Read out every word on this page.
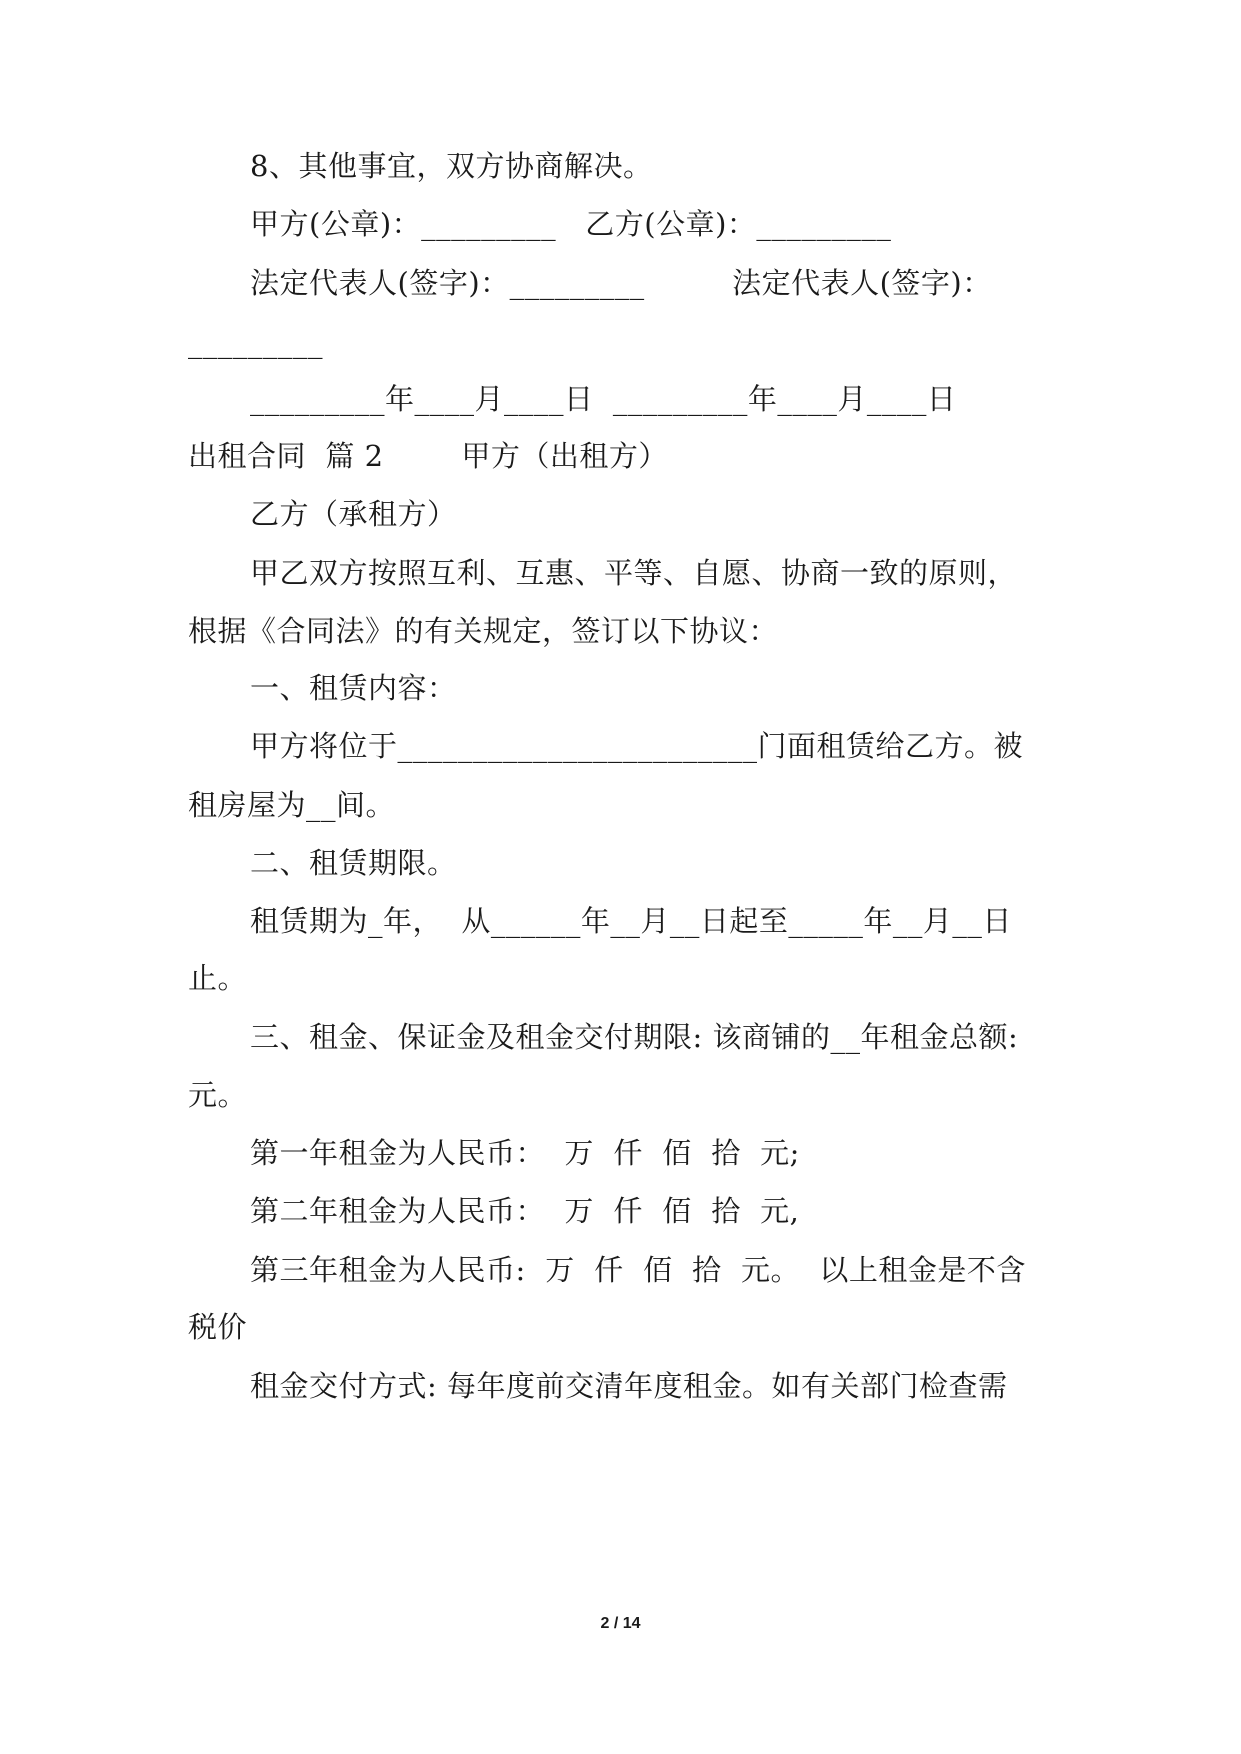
8、其他事宜，双方协商解决。
甲方(公章)：_________   乙方(公章)：_________
法定代表人(签字)：_________         法定代表人(签字)：
_________
_________年____月____日  _________年____月____日
出租合同  篇 2        甲方（出租方）
乙方（承租方）
甲乙双方按照互利、互惠、平等、自愿、协商一致的原则，
根据《合同法》的有关规定，签订以下协议：
一、租赁内容：
甲方将位于________________________门面租赁给乙方。被
租房屋为__间。
二、租赁期限。
租赁期为_年，  从______年__月__日起至_____年__月__日
止。
三、租金、保证金及租金交付期限: 该商铺的__年租金总额:
元。
第一年租金为人民币：  万  仟  佰  拾  元;
第二年租金为人民币：  万  仟  佰  拾  元,
第三年租金为人民币:  万  仟  佰  拾  元。  以上租金是不含
税价
租金交付方式: 每年度前交清年度租金。如有关部门检查需
2 / 14
